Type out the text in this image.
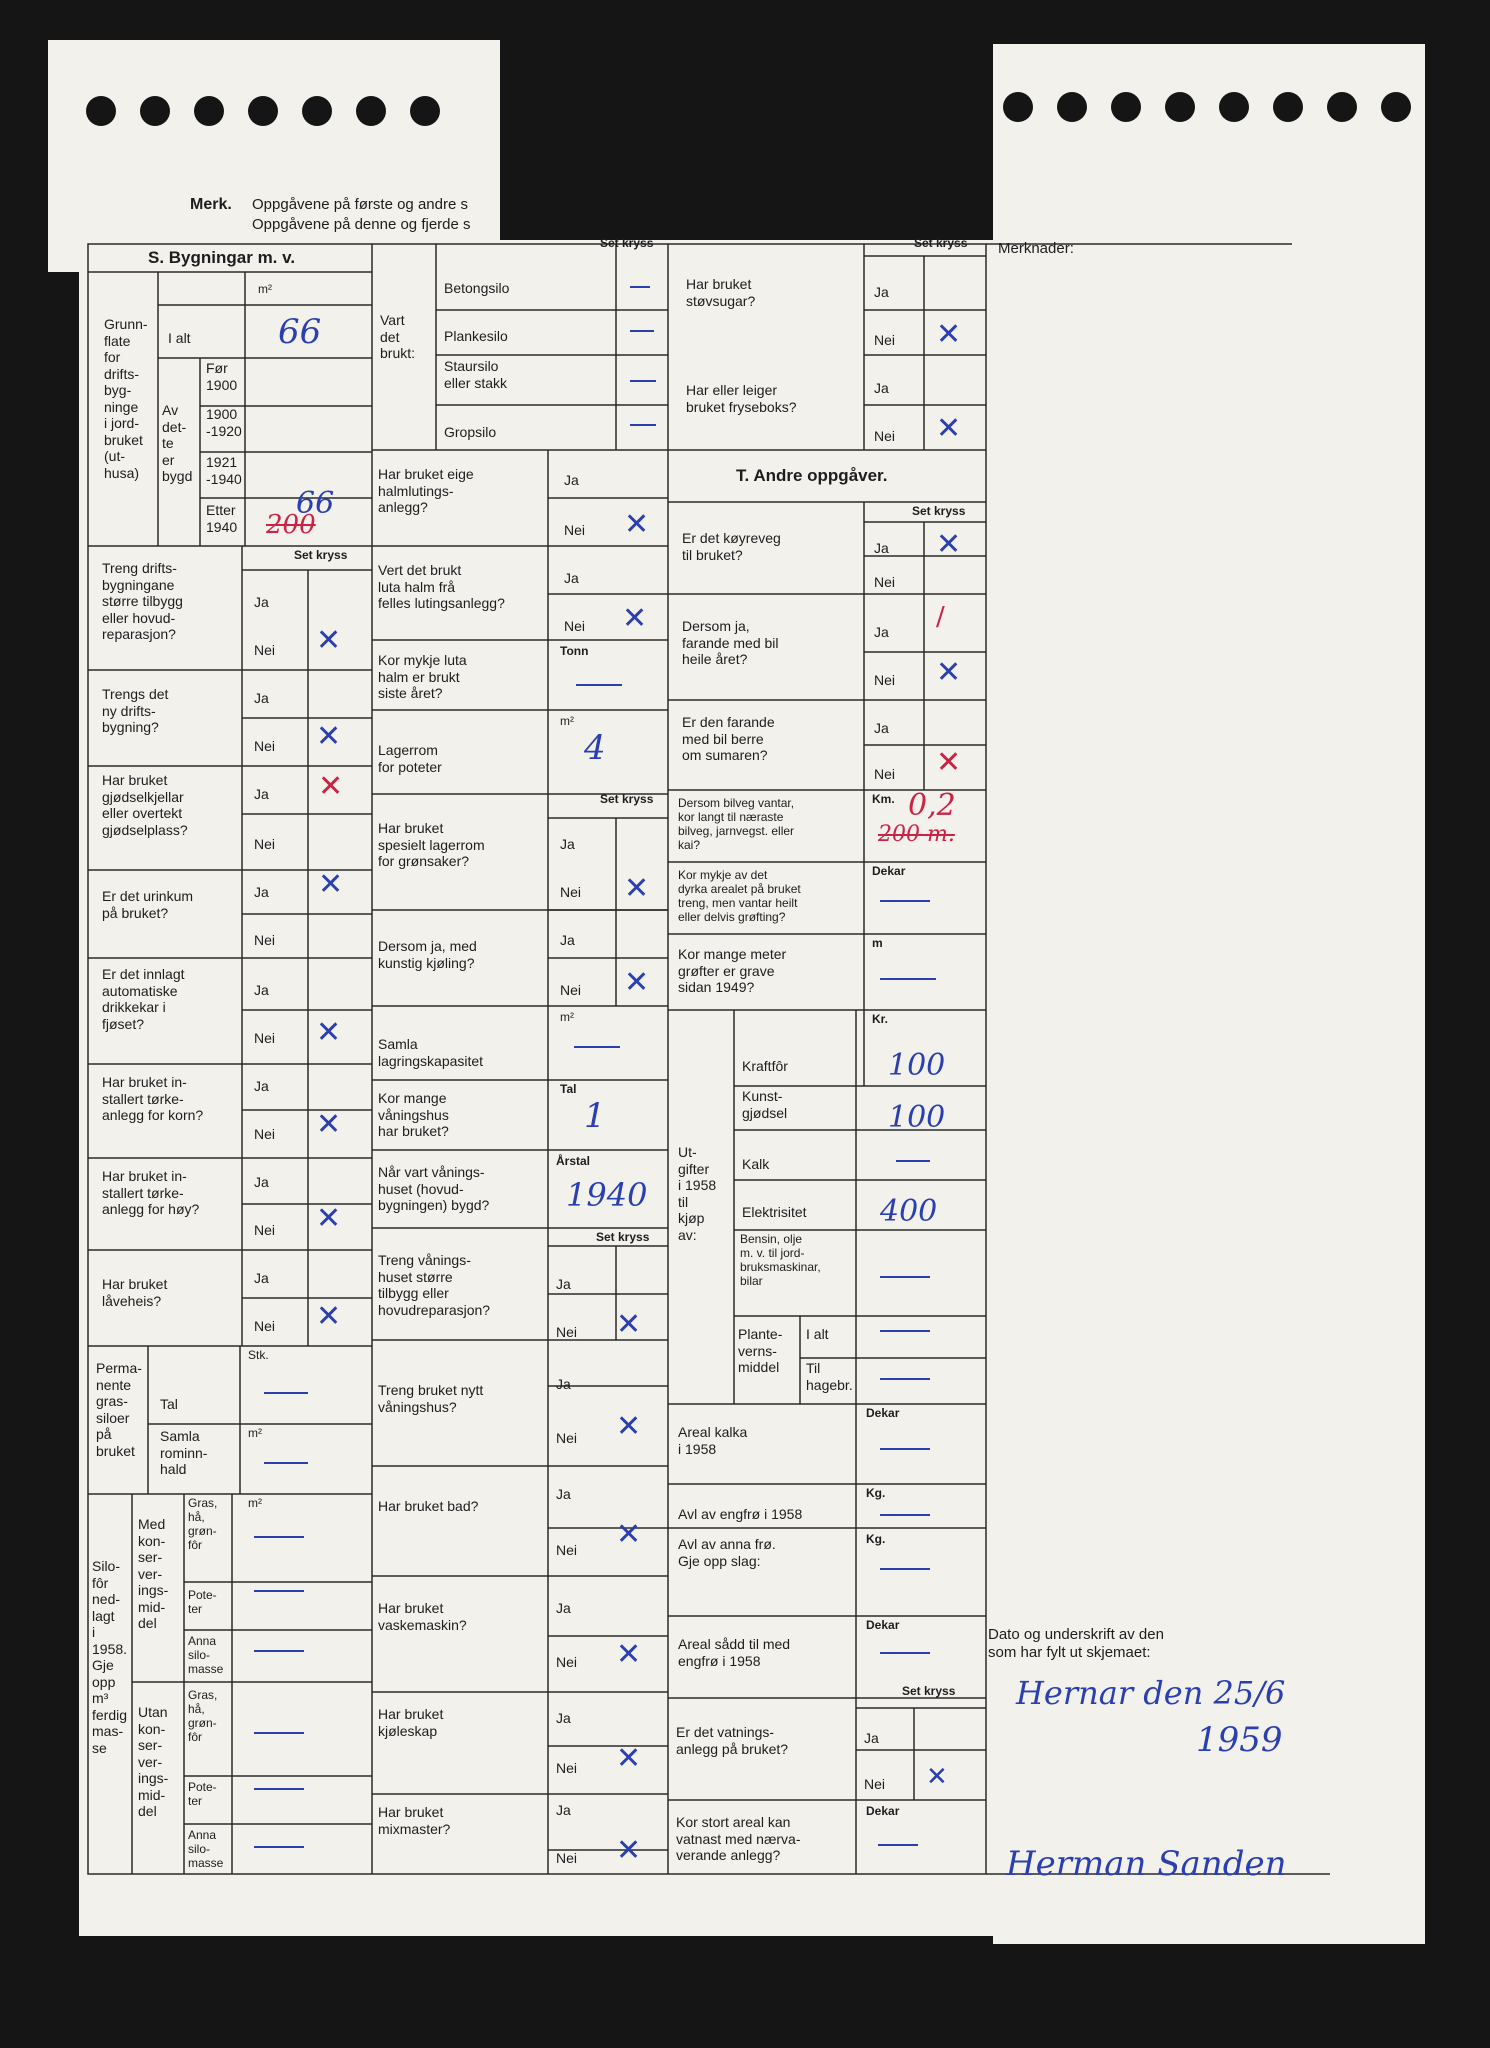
Merk. Oppgåvene på første og andre s
Oppgåvene på denne og fjerde s
S. Bygningar m. v.
m²
Grunn-
flate
for
drifts-
byg-
ninge
i jord-
bruket
(ut-
husa)
I alt
Av
det-
te
er
bygd
Før
1900
1900
-1920
1921
-1940
Etter
1940
Set kryss
Treng drifts-
bygningane
større tilbygg
eller hovud-
reparasjon?
Ja
Nei
Trengs det
ny drifts-
bygning?
Ja
Nei
Har bruket
gjødselkjellar
eller overtekt
gjødselplass?
Ja
Nei
Er det urinkum
på bruket?
Ja
Nei
Er det innlagt
automatiske
drikkekar i
fjøset?
Ja
Nei
Har bruket in-
stallert tørke-
anlegg for korn?
Ja
Nei
Har bruket in-
stallert tørke-
anlegg for høy?
Ja
Nei
Har bruket
låveheis?
Ja
Nei
Perma-
nente
gras-
siloer
på
bruket
Stk.
Tal
m²
Samla
rominn-
hald
Silo-
fôr
ned-
lagt
i
1958.
Gje
opp
m³
ferdig
mas-
se
Med
kon-
ser-
ver-
ings-
mid-
del
Utan
kon-
ser-
ver-
ings-
mid-
del
m²
Gras,
hå,
grøn-
fôr
Pote-
ter
Anna
silo-
masse
Gras,
hå,
grøn-
fôr
Pote-
ter
Anna
silo-
masse
Set kryss
Vart
det
brukt:
Betongsilo
Plankesilo
Staursilo
eller stakk
Gropsilo
Har bruket eige
halmlutings-
anlegg?
Ja
Nei
Vert det brukt
luta halm frå
felles lutingsanlegg?
Ja
Nei
Kor mykje luta
halm er brukt
siste året?
Tonn
m²
Lagerrom
for poteter
Set kryss
Har bruket
spesielt lagerrom
for grønsaker?
Ja
Nei
Dersom ja, med
kunstig kjøling?
Ja
Nei
m²
Samla
lagringskapasitet
Tal
Kor mange
våningshus
har bruket?
Årstal
Når vart vånings-
huset (hovud-
bygningen) bygd?
Set kryss
Treng vånings-
huset større
tilbygg eller
hovudreparasjon?
Ja
Nei
Treng bruket nytt
våningshus?
Ja
Nei
Har bruket bad?
Ja
Nei
Har bruket
vaskemaskin?
Ja
Nei
Har bruket
kjøleskap
Ja
Nei
Har bruket
mixmaster?
Ja
Nei
Set kryss
Har bruket
støvsugar?
Ja
Nei
Har eller leiger
bruket fryseboks?
Ja
Nei
T. Andre oppgåver.
Set kryss
Er det køyreveg
til bruket?	Ja
Nei
Dersom ja,
farande med bil
heile året?
Ja
Nei
Er den farande
med bil berre
om sumaren?
Ja
Nei
Dersom bilveg vantar,
kor langt til næraste
bilveg, jarnvegst. eller
kai?
Km.
Kor mykje av det
dyrka arealet på bruket
treng, men vantar heilt
eller delvis grøfting?
Dekar
Kor mange meter
grøfter er grave
sidan 1949?
m
Kr.
Ut-
gifter
i 1958
til
kjøp
av:
Kraftfôr
Kunst-
gjødsel
Kalk
Elektrisitet
Bensin, olje
m. v. til jord-
bruksmaskinar,
bilar
Plante-
verns-
middel
I alt
Til
hagebr.
Areal kalka
i 1958
Dekar
Kg.
Avl av engfrø i 1958
Kg.
Avl av anna frø.
Gje opp slag:
Dekar
Areal sådd til med
engfrø i 1958
Set kryss
Er det vatnings-
anlegg på bruket?
Ja
Nei
Kor stort areal kan
vatnast med nærva-
verande anlegg?
Dekar
Merknader:
Dato og underskrift av den
som har fylt ut skjemaet:
66
66
200
4
1
1940
0,2
200 m.
100
100
400
Hernar den 25/6
1959
Herman Sanden
✕
✕
✕
✕
✕
✕
✕
✕
✕
✕
✕
✕
✕
✕
✕
✕
✕
✕
✕
✕
✕
/
✕
✕
✕
